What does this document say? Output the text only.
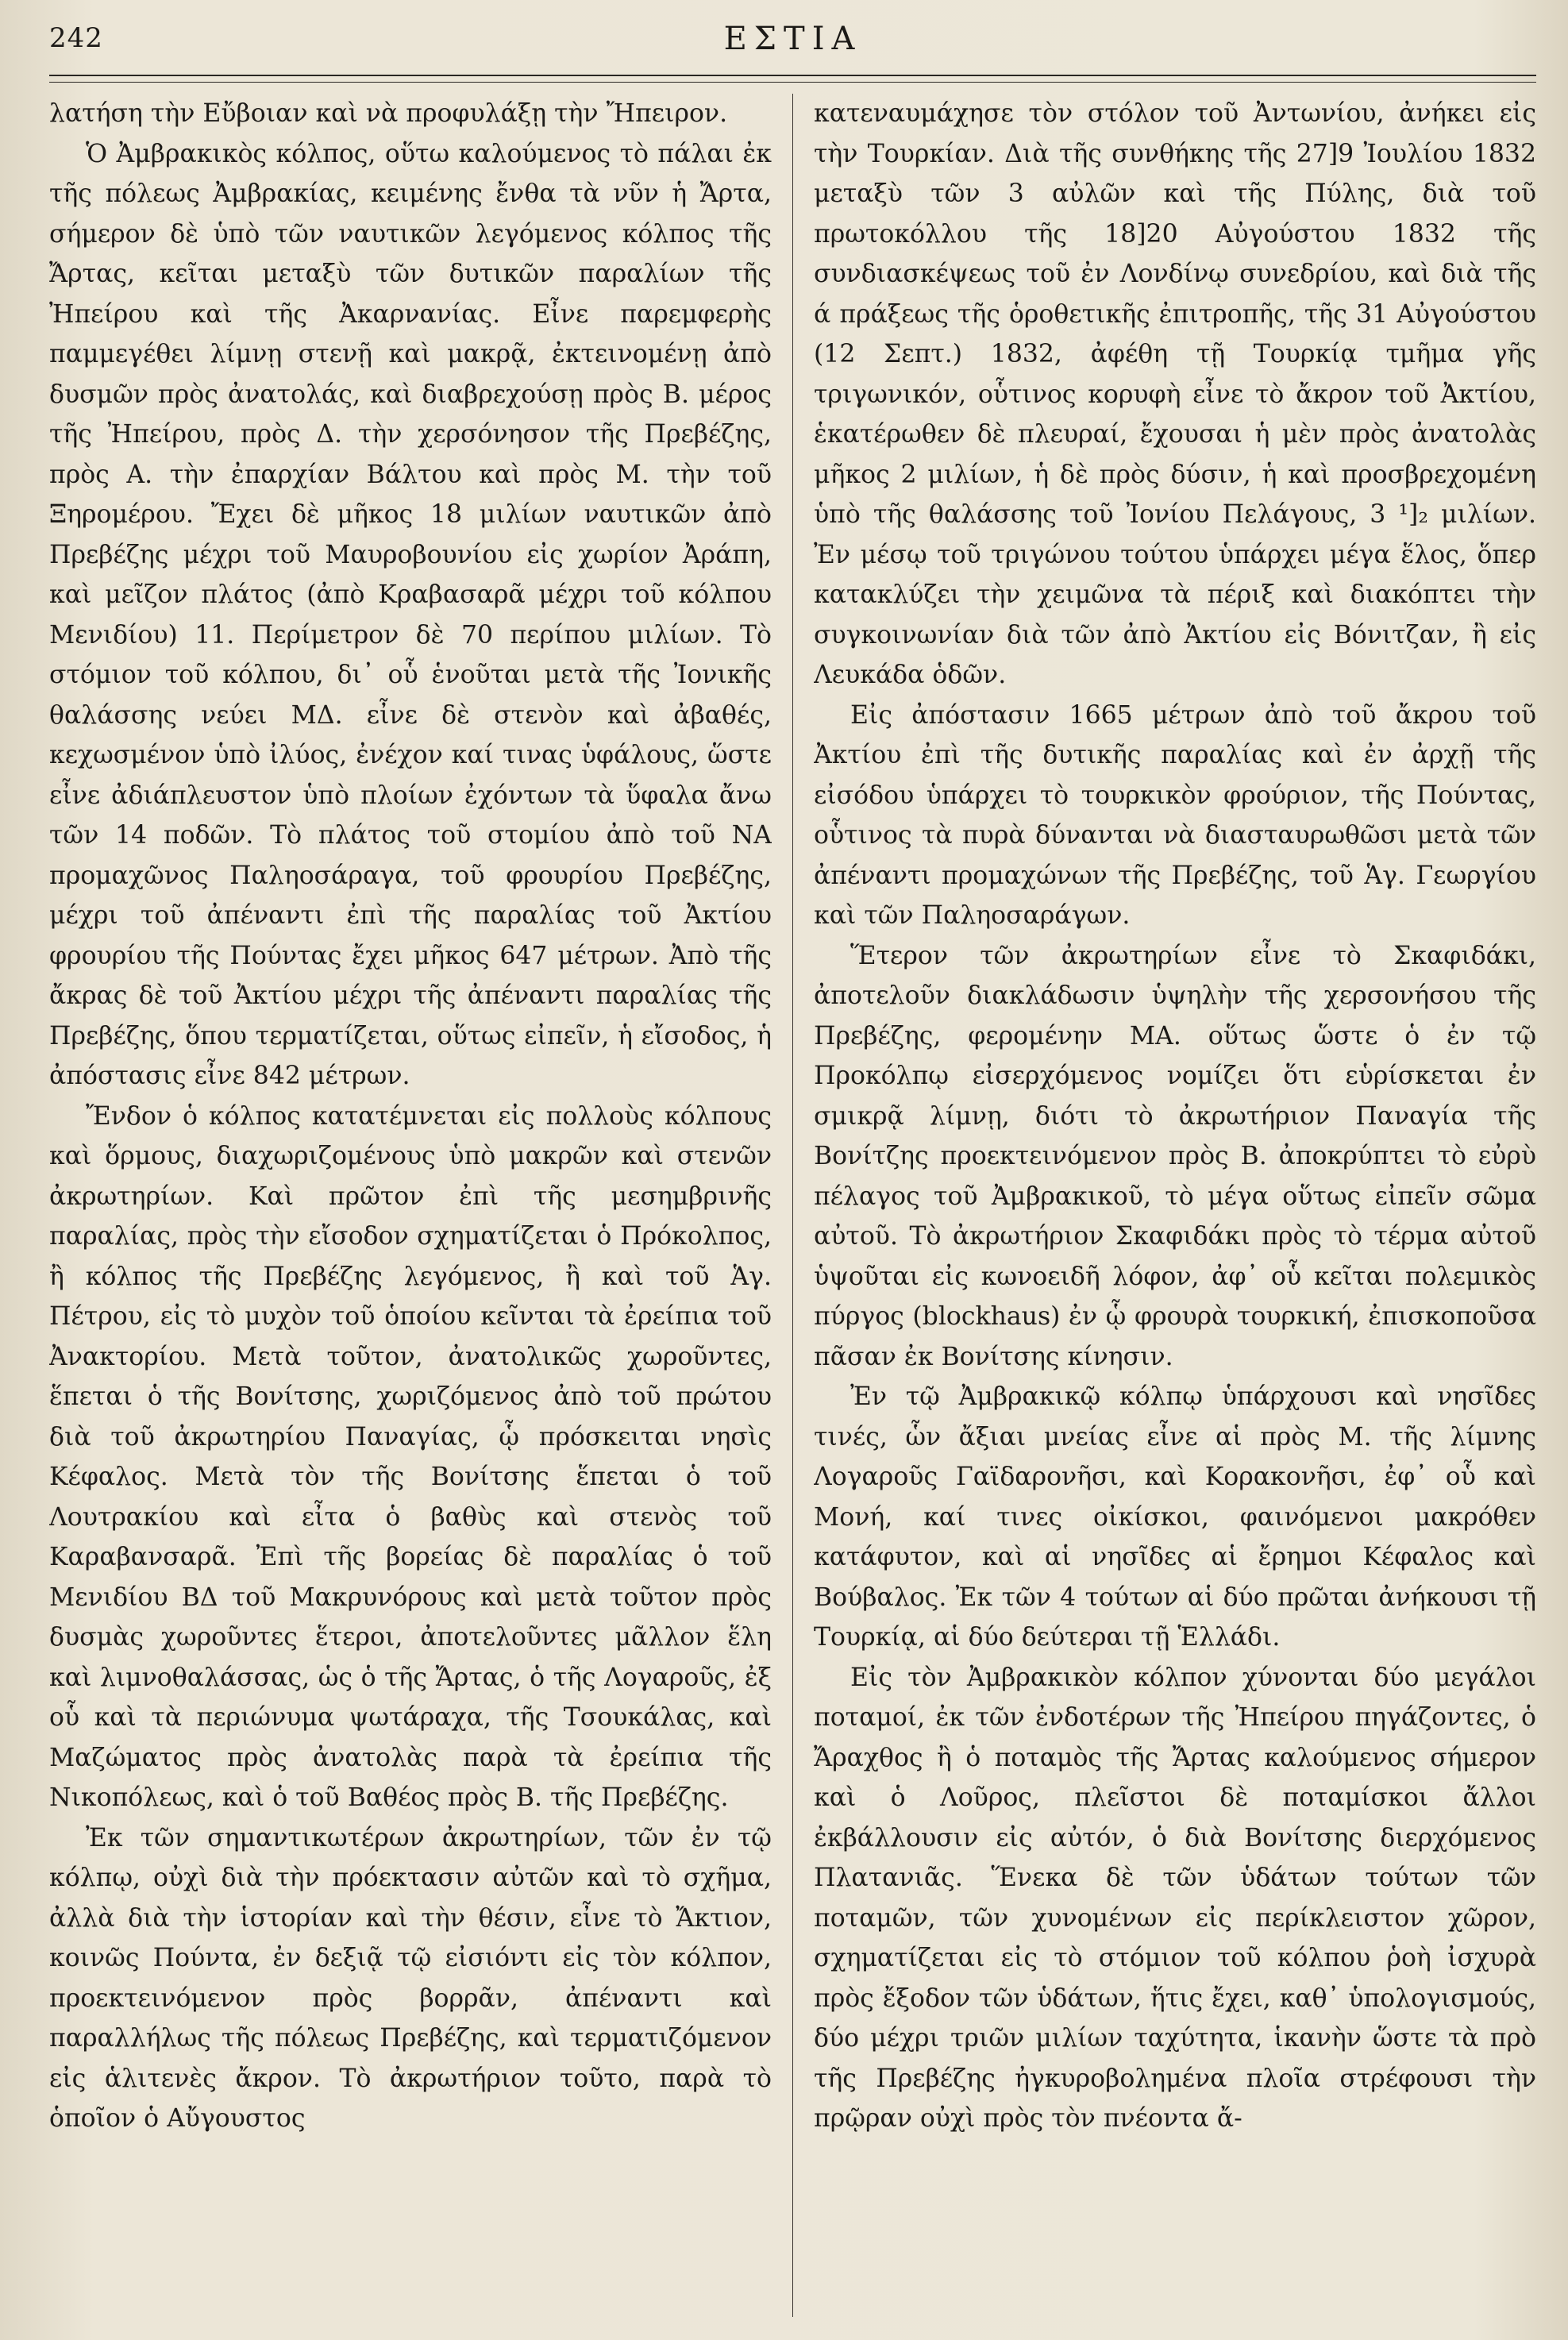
242	ΕΣΤΙΑ

λατήση τὴν Εὔβοιαν καὶ νὰ προφυλάξῃ τὴν Ἤπειρον.

Ὁ Ἀμβρακικὸς κόλπος, οὕτω καλούμενος τὸ πάλαι ἐκ τῆς πόλεως Ἀμβρακίας, κειμένης ἔνθα τὰ νῦν ἡ Ἄρτα, σήμερον δὲ ὑπὸ τῶν ναυτικῶν λεγόμενος κόλπος τῆς Ἄρτας, κεῖται μεταξὺ τῶν δυτικῶν παραλίων τῆς Ἠπείρου καὶ τῆς Ἀκαρνανίας. Εἶνε παρεμφερὴς παμμεγέθει λίμνῃ στενῇ καὶ μακρᾷ, ἐκτεινομένῃ ἀπὸ δυσμῶν πρὸς ἀνατολάς, καὶ διαβρεχούσῃ πρὸς Β. μέρος τῆς Ἠπείρου, πρὸς Δ. τὴν χερσόνησον τῆς Πρεβέζης, πρὸς Α. τὴν ἐπαρχίαν Βάλτου καὶ πρὸς Μ. τὴν τοῦ Ξηρομέρου. Ἔχει δὲ μῆκος 18 μιλίων ναυτικῶν ἀπὸ Πρεβέζης μέχρι τοῦ Μαυροβουνίου εἰς χωρίον Ἀράπη, καὶ μεῖζον πλάτος (ἀπὸ Κραβασαρᾶ μέχρι τοῦ κόλπου Μενιδίου) 11. Περίμετρον δὲ 70 περίπου μιλίων. Τὸ στόμιον τοῦ κόλπου, δι᾽ οὗ ἑνοῦται μετὰ τῆς Ἰονικῆς θαλάσσης νεύει ΜΔ. εἶνε δὲ στενὸν καὶ ἀβαθές, κεχωσμένον ὑπὸ ἰλύος, ἐνέχον καί τινας ὑφάλους, ὥστε εἶνε ἀδιάπλευστον ὑπὸ πλοίων ἐχόντων τὰ ὕφαλα ἄνω τῶν 14 ποδῶν. Τὸ πλάτος τοῦ στομίου ἀπὸ τοῦ ΝΑ προμαχῶνος Παληοσάραγα, τοῦ φρουρίου Πρεβέζης, μέχρι τοῦ ἀπέναντι ἐπὶ τῆς παραλίας τοῦ Ἀκτίου φρουρίου τῆς Πούντας ἔχει μῆκος 647 μέτρων. Ἀπὸ τῆς ἄκρας δὲ τοῦ Ἀκτίου μέχρι τῆς ἀπέναντι παραλίας τῆς Πρεβέζης, ὅπου τερματίζεται, οὕτως εἰπεῖν, ἡ εἴσοδος, ἡ ἀπόστασις εἶνε 842 μέτρων.

Ἔνδον ὁ κόλπος κατατέμνεται εἰς πολλοὺς κόλπους καὶ ὅρμους, διαχωριζομένους ὑπὸ μακρῶν καὶ στενῶν ἀκρωτηρίων. Καὶ πρῶτον ἐπὶ τῆς μεσημβρινῆς παραλίας, πρὸς τὴν εἴσοδον σχηματίζεται ὁ Πρόκολπος, ἢ κόλπος τῆς Πρεβέζης λεγόμενος, ἢ καὶ τοῦ Ἁγ. Πέτρου, εἰς τὸ μυχὸν τοῦ ὁποίου κεῖνται τὰ ἐρείπια τοῦ Ἀνακτορίου. Μετὰ τοῦτον, ἀνατολικῶς χωροῦντες, ἕπεται ὁ τῆς Βονίτσης, χωριζόμενος ἀπὸ τοῦ πρώτου διὰ τοῦ ἀκρωτηρίου Παναγίας, ᾧ πρόσκειται νησὶς Κέφαλος. Μετὰ τὸν τῆς Βονίτσης ἕπεται ὁ τοῦ Λουτρακίου καὶ εἶτα ὁ βαθὺς καὶ στενὸς τοῦ Καραβανσαρᾶ. Ἐπὶ τῆς βορείας δὲ παραλίας ὁ τοῦ Μενιδίου ΒΔ τοῦ Μακρυνόρους καὶ μετὰ τοῦτον πρὸς δυσμὰς χωροῦντες ἕτεροι, ἀποτελοῦντες μᾶλλον ἕλη καὶ λιμνοθαλάσσας, ὡς ὁ τῆς Ἄρτας, ὁ τῆς Λογαροῦς, ἐξ οὗ καὶ τὰ περιώνυμα ψωτάραχα, τῆς Τσουκάλας, καὶ Μαζώματος πρὸς ἀνατολὰς παρὰ τὰ ἐρείπια τῆς Νικοπόλεως, καὶ ὁ τοῦ Βαθέος πρὸς Β. τῆς Πρεβέζης.

Ἐκ τῶν σημαντικωτέρων ἀκρωτηρίων, τῶν ἐν τῷ κόλπῳ, οὐχὶ διὰ τὴν πρόεκτασιν αὐτῶν καὶ τὸ σχῆμα, ἀλλὰ διὰ τὴν ἱστορίαν καὶ τὴν θέσιν, εἶνε τὸ Ἄκτιον, κοινῶς Πούντα, ἐν δεξιᾷ τῷ εἰσιόντι εἰς τὸν κόλπον, προεκτεινόμενον πρὸς βορρᾶν, ἀπέναντι καὶ παραλλήλως τῆς πόλεως Πρεβέζης, καὶ τερματιζόμενον εἰς ἁλιτενὲς ἄκρον. Τὸ ἀκρωτήριον τοῦτο, παρὰ τὸ ὁποῖον ὁ Αὔγουστος

κατεναυμάχησε τὸν στόλον τοῦ Ἀντωνίου, ἀνήκει εἰς τὴν Τουρκίαν. Διὰ τῆς συνθήκης τῆς 27]9 Ἰουλίου 1832 μεταξὺ τῶν 3 αὐλῶν καὶ τῆς Πύλης, διὰ τοῦ πρωτοκόλλου τῆς 18]20 Αὐγούστου 1832 τῆς συνδιασκέψεως τοῦ ἐν Λονδίνῳ συνεδρίου, καὶ διὰ τῆς ά πράξεως τῆς ὁροθετικῆς ἐπιτροπῆς, τῆς 31 Αὐγούστου (12 Σεπτ.) 1832, ἀφέθη τῇ Τουρκίᾳ τμῆμα γῆς τριγωνικόν, οὗτινος κορυφὴ εἶνε τὸ ἄκρον τοῦ Ἀκτίου, ἑκατέρωθεν δὲ πλευραί, ἔχουσαι ἡ μὲν πρὸς ἀνατολὰς μῆκος 2 μιλίων, ἡ δὲ πρὸς δύσιν, ἡ καὶ προσβρεχομένη ὑπὸ τῆς θαλάσσης τοῦ Ἰονίου Πελάγους, 3 ¹]₂ μιλίων. Ἐν μέσῳ τοῦ τριγώνου τούτου ὑπάρχει μέγα ἕλος, ὅπερ κατακλύζει τὴν χειμῶνα τὰ πέριξ καὶ διακόπτει τὴν συγκοινωνίαν διὰ τῶν ἀπὸ Ἀκτίου εἰς Βόνιτζαν, ἢ εἰς Λευκάδα ὁδῶν.

Εἰς ἀπόστασιν 1665 μέτρων ἀπὸ τοῦ ἄκρου τοῦ Ἀκτίου ἐπὶ τῆς δυτικῆς παραλίας καὶ ἐν ἀρχῇ τῆς εἰσόδου ὑπάρχει τὸ τουρκικὸν φρούριον, τῆς Πούντας, οὗτινος τὰ πυρὰ δύνανται νὰ διασταυρωθῶσι μετὰ τῶν ἀπέναντι προμαχώνων τῆς Πρεβέζης, τοῦ Ἁγ. Γεωργίου καὶ τῶν Παληοσαράγων.

Ἕτερον τῶν ἀκρωτηρίων εἶνε τὸ Σκαφιδάκι, ἀποτελοῦν διακλάδωσιν ὑψηλὴν τῆς χερσονήσου τῆς Πρεβέζης, φερομένην ΜΑ. οὕτως ὥστε ὁ ἐν τῷ Προκόλπῳ εἰσερχόμενος νομίζει ὅτι εὑρίσκεται ἐν σμικρᾷ λίμνῃ, διότι τὸ ἀκρωτήριον Παναγία τῆς Βονίτζης προεκτεινόμενον πρὸς Β. ἀποκρύπτει τὸ εὐρὺ πέλαγος τοῦ Ἀμβρακικοῦ, τὸ μέγα οὕτως εἰπεῖν σῶμα αὐτοῦ. Τὸ ἀκρωτήριον Σκαφιδάκι πρὸς τὸ τέρμα αὐτοῦ ὑψοῦται εἰς κωνοειδῆ λόφον, ἀφ᾽ οὗ κεῖται πολεμικὸς πύργος (blockhaus) ἐν ᾧ φρουρὰ τουρκική, ἐπισκοποῦσα πᾶσαν ἐκ Βονίτσης κίνησιν.

Ἐν τῷ Ἀμβρακικῷ κόλπῳ ὑπάρχουσι καὶ νησῖδες τινές, ὧν ἄξιαι μνείας εἶνε αἱ πρὸς Μ. τῆς λίμνης Λογαροῦς Γαϊδαρονῆσι, καὶ Κορακονῆσι, ἐφ᾽ οὗ καὶ Μονή, καί τινες οἰκίσκοι, φαινόμενοι μακρόθεν κατάφυτον, καὶ αἱ νησῖδες αἱ ἔρημοι Κέφαλος καὶ Βούβαλος. Ἐκ τῶν 4 τούτων αἱ δύο πρῶται ἀνήκουσι τῇ Τουρκίᾳ, αἱ δύο δεύτεραι τῇ Ἑλλάδι.

Εἰς τὸν Ἀμβρακικὸν κόλπον χύνονται δύο μεγάλοι ποταμοί, ἐκ τῶν ἐνδοτέρων τῆς Ἠπείρου πηγάζοντες, ὁ Ἄραχθος ἢ ὁ ποταμὸς τῆς Ἄρτας καλούμενος σήμερον καὶ ὁ Λοῦρος, πλεῖστοι δὲ ποταμίσκοι ἄλλοι ἐκβάλλουσιν εἰς αὐτόν, ὁ διὰ Βονίτσης διερχόμενος Πλατανιᾶς. Ἕνεκα δὲ τῶν ὑδάτων τούτων τῶν ποταμῶν, τῶν χυνομένων εἰς περίκλειστον χῶρον, σχηματίζεται εἰς τὸ στόμιον τοῦ κόλπου ῥοὴ ἰσχυρὰ πρὸς ἔξοδον τῶν ὑδάτων, ἥτις ἔχει, καθ᾽ ὑπολογισμούς, δύο μέχρι τριῶν μιλίων ταχύτητα, ἱκανὴν ὥστε τὰ πρὸ τῆς Πρεβέζης ἠγκυροβολημένα πλοῖα στρέφουσι τὴν πρῷραν οὐχὶ πρὸς τὸν πνέοντα ἄ-
